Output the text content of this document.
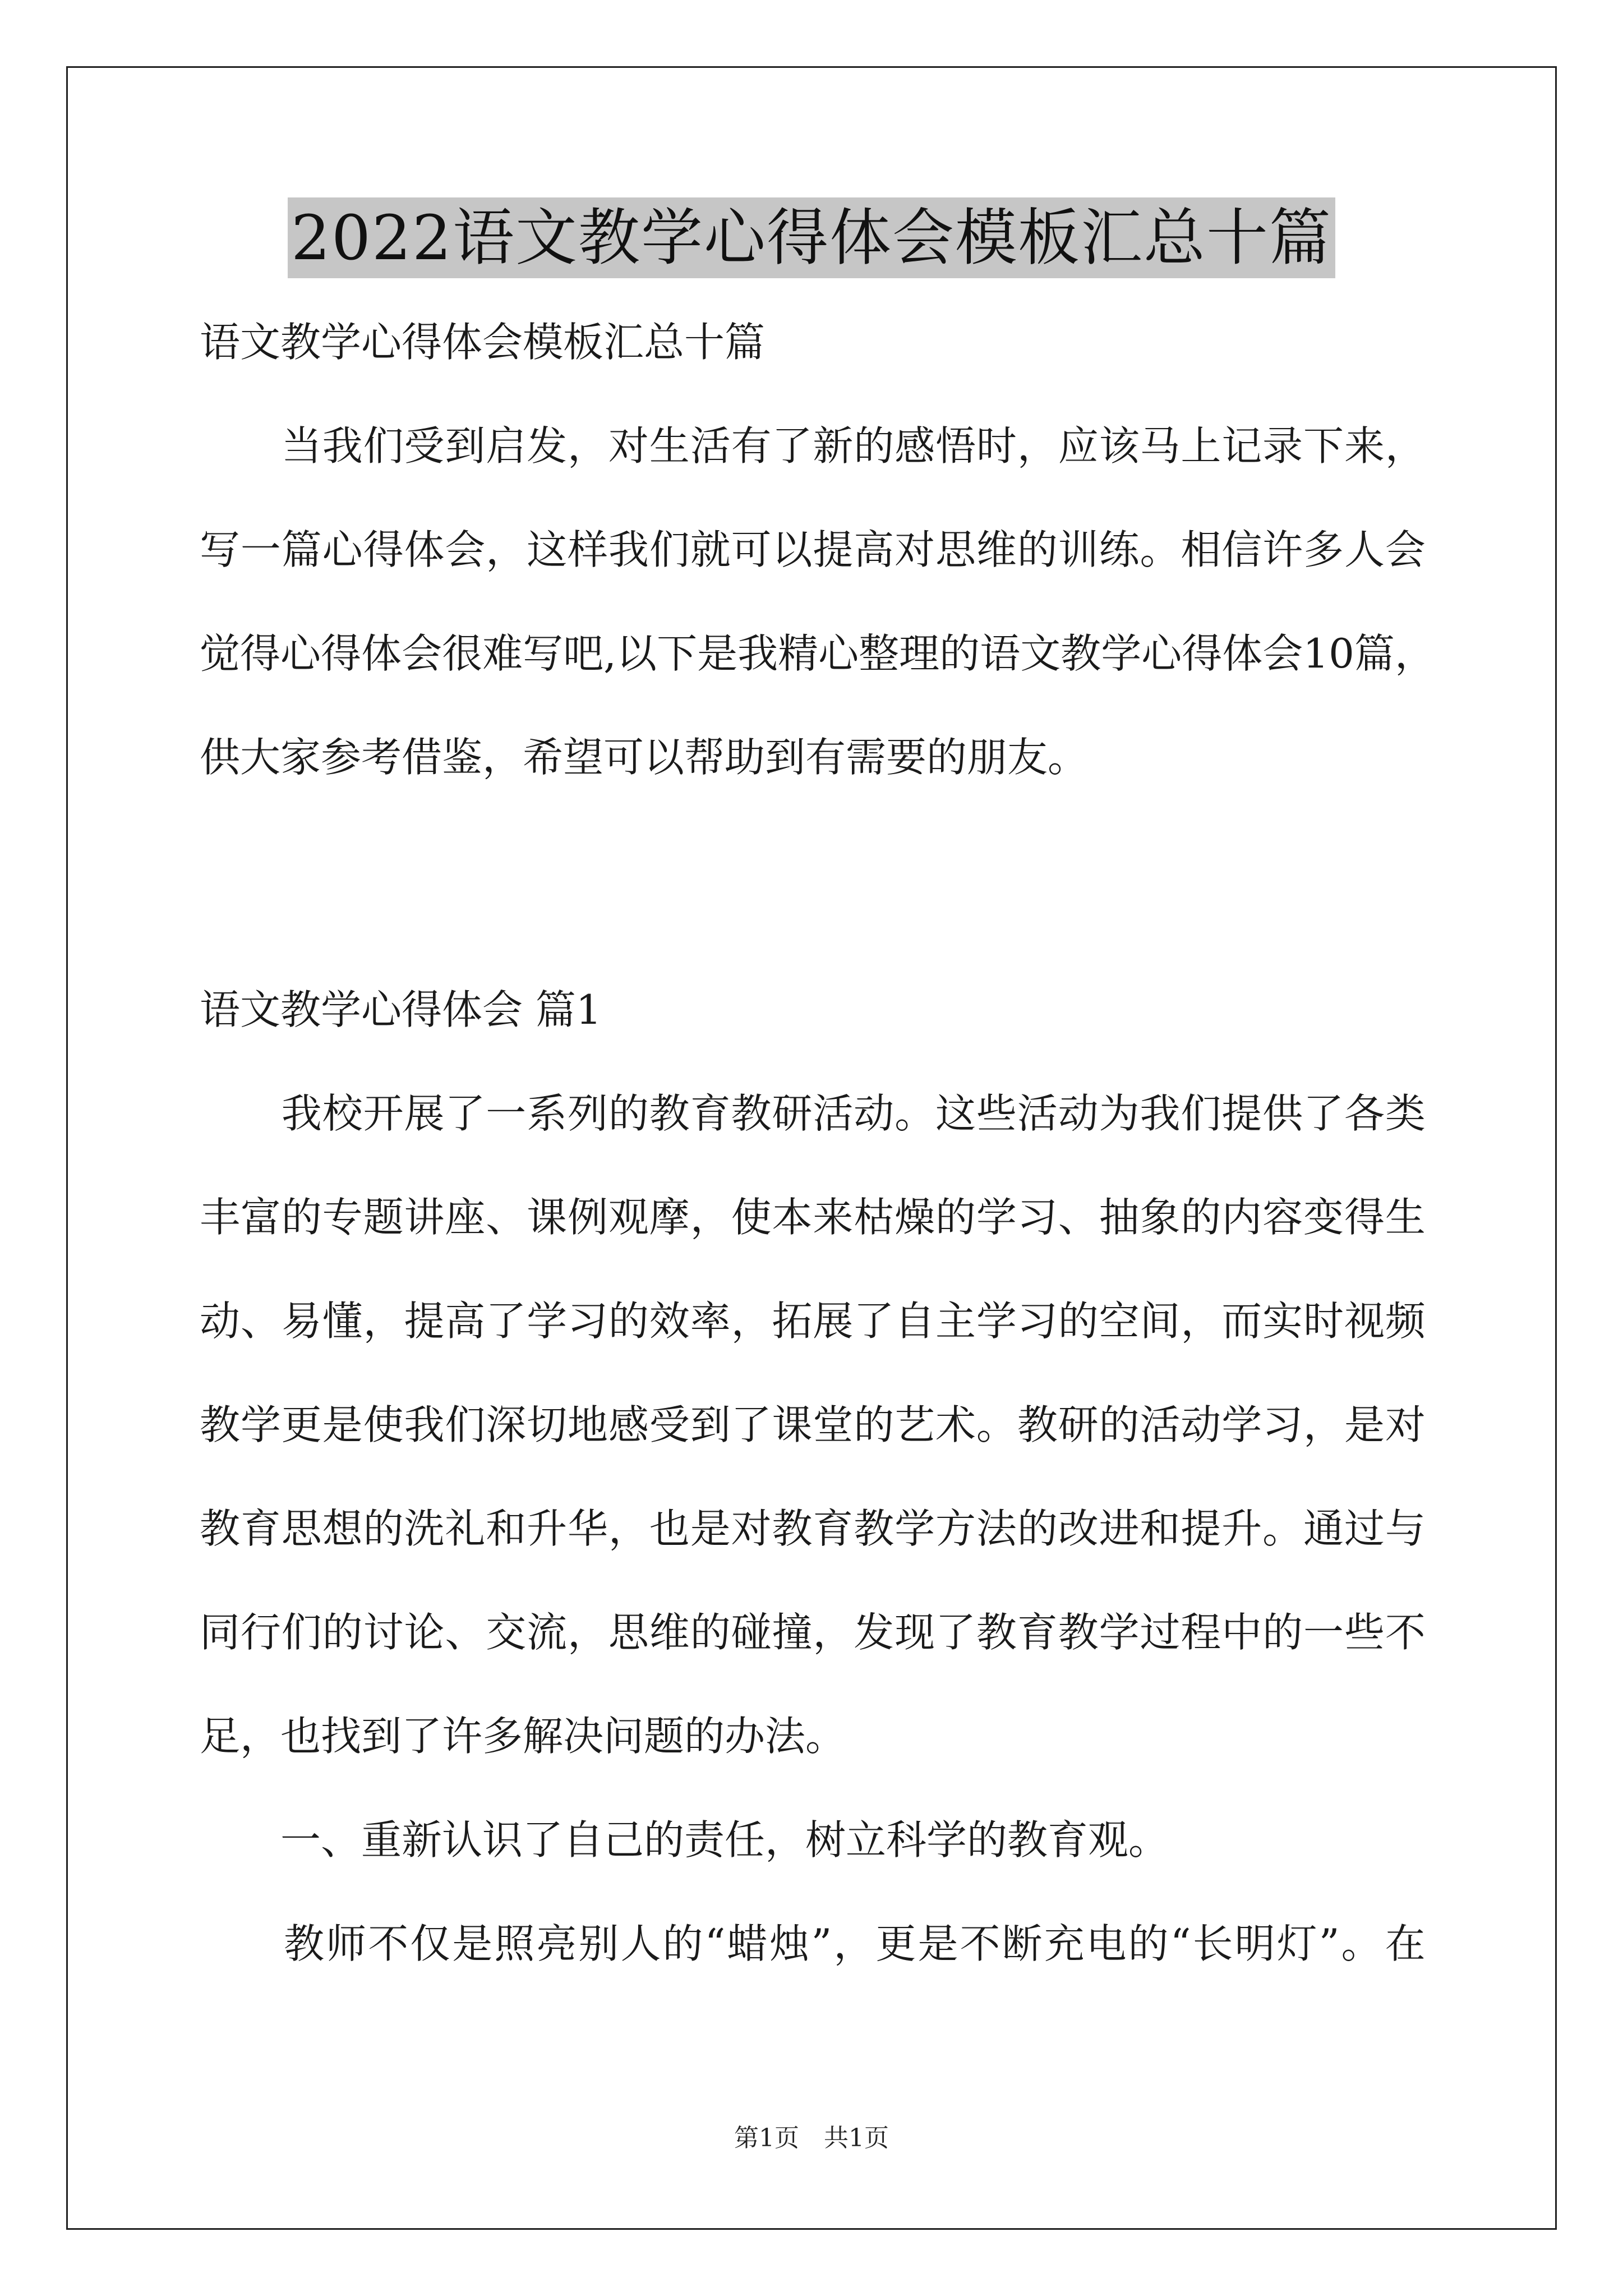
2022语文教学心得体会模板汇总十篇
语文教学心得体会模板汇总十篇

当 我 们 受 到 启 发 ， 对 生 活 有 了 新 的 感 悟 时 ， 应 该 马 上 记 录 下 来 ，
写 一 篇 心 得 体 会 ， 这 样 我 们 就 可 以 提 高 对 思 维 的 训 练 。 相 信 许 多 人 会
觉 得 心 得 体 会 很 难 写 吧 , 以 下 是 我 精 心 整 理 的 语 文 教 学 心 得 体 会 10 篇 ，
供大家参考借鉴，希望可以帮助到有需要的朋友。
语文教学心得体会 篇1

我 校 开 展 了 一 系 列 的 教 育 教 研 活 动 。 这 些 活 动 为 我 们 提 供 了 各 类
丰 富 的 专 题 讲 座 、 课 例 观 摩 ， 使 本 来 枯 燥 的 学 习 、 抽 象 的 内 容 变 得 生
动 、 易 懂 ， 提 高 了 学 习 的 效 率 ， 拓 展 了 自 主 学 习 的 空 间 ， 而 实 时 视 频
教 学 更 是 使 我 们 深 切 地 感 受 到 了 课 堂 的 艺 术 。 教 研 的 活 动 学 习 ， 是 对
教 育 思 想 的 洗 礼 和 升 华 ， 也 是 对 教 育 教 学 方 法 的 改 进 和 提 升 。 通 过 与
同 行 们 的 讨 论 、 交 流 ， 思 维 的 碰 撞 ， 发 现 了 教 育 教 学 过 程 中 的 一 些 不
足，也找到了许多解决问题的办法。
　　一、重新认识了自己的责任，树立科学的教育观。

教 师 不 仅 是 照 亮 别 人 的 “ 蜡 烛 ” ， 更 是 不 断 充 电 的 “ 长 明 灯 ” 。 在
第1页　共1页
